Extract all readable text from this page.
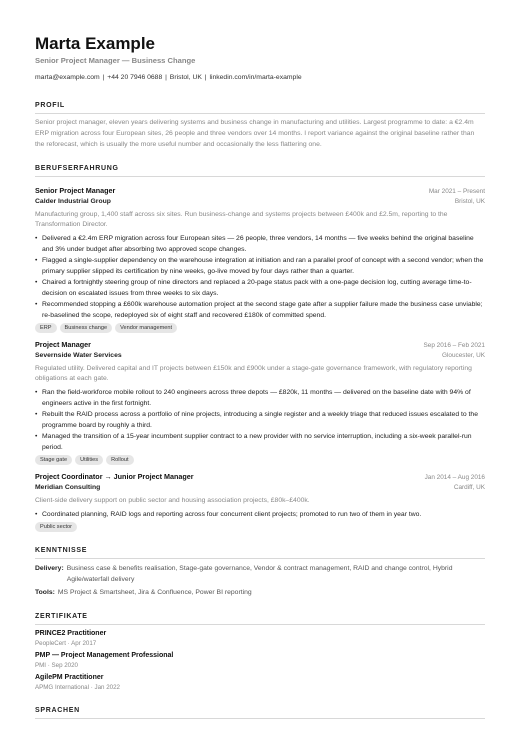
Marta Example
Senior Project Manager — Business Change
marta@example.com | +44 20 7946 0688 | Bristol, UK | linkedin.com/in/marta-example
PROFIL
Senior project manager, eleven years delivering systems and business change in manufacturing and utilities. Largest programme to date: a €2.4m ERP migration across four European sites, 26 people and three vendors over 14 months. I report variance against the original baseline rather than the reforecast, which is usually the more useful number and occasionally the less flattering one.
BERUFSERFAHRUNG
Senior Project Manager	Mar 2021 – Present
Calder Industrial Group	Bristol, UK
Manufacturing group, 1,400 staff across six sites. Run business-change and systems projects between £400k and £2.5m, reporting to the Transformation Director.
• Delivered a €2.4m ERP migration across four European sites — 26 people, three vendors, 14 months — five weeks behind the original baseline and 3% under budget after absorbing two approved scope changes.
• Flagged a single-supplier dependency on the warehouse integration at initiation and ran a parallel proof of concept with a second vendor; when the primary supplier slipped its certification by nine weeks, go-live moved by four days rather than a quarter.
• Chaired a fortnightly steering group of nine directors and replaced a 20-page status pack with a one-page decision log, cutting average time-to-decision on escalated issues from three weeks to six days.
• Recommended stopping a £600k warehouse automation project at the second stage gate after a supplier failure made the business case unviable; re-baselined the scope, redeployed six of eight staff and recovered £180k of committed spend.
ERP	Business change	Vendor management
Project Manager	Sep 2016 – Feb 2021
Severnside Water Services	Gloucester, UK
Regulated utility. Delivered capital and IT projects between £150k and £900k under a stage-gate governance framework, with regulatory reporting obligations at each gate.
• Ran the field-workforce mobile rollout to 240 engineers across three depots — £820k, 11 months — delivered on the baseline date with 94% of engineers active in the first fortnight.
• Rebuilt the RAID process across a portfolio of nine projects, introducing a single register and a weekly triage that reduced issues escalated to the programme board by roughly a third.
• Managed the transition of a 15-year incumbent supplier contract to a new provider with no service interruption, including a six-week parallel-run period.
Stage gate	Utilities	Rollout
Project Coordinator → Junior Project Manager	Jan 2014 – Aug 2016
Meridian Consulting	Cardiff, UK
Client-side delivery support on public sector and housing association projects, £80k–£400k.
• Coordinated planning, RAID logs and reporting across four concurrent client projects; promoted to run two of them in year two.
Public sector
KENNTNISSE
Delivery: Business case & benefits realisation, Stage-gate governance, Vendor & contract management, RAID and change control, Hybrid Agile/waterfall delivery
Tools: MS Project & Smartsheet, Jira & Confluence, Power BI reporting
ZERTIFIKATE
PRINCE2 Practitioner
PeopleCert · Apr 2017
PMP — Project Management Professional
PMI · Sep 2020
AgilePM Practitioner
APMG International · Jan 2022
SPRACHEN
